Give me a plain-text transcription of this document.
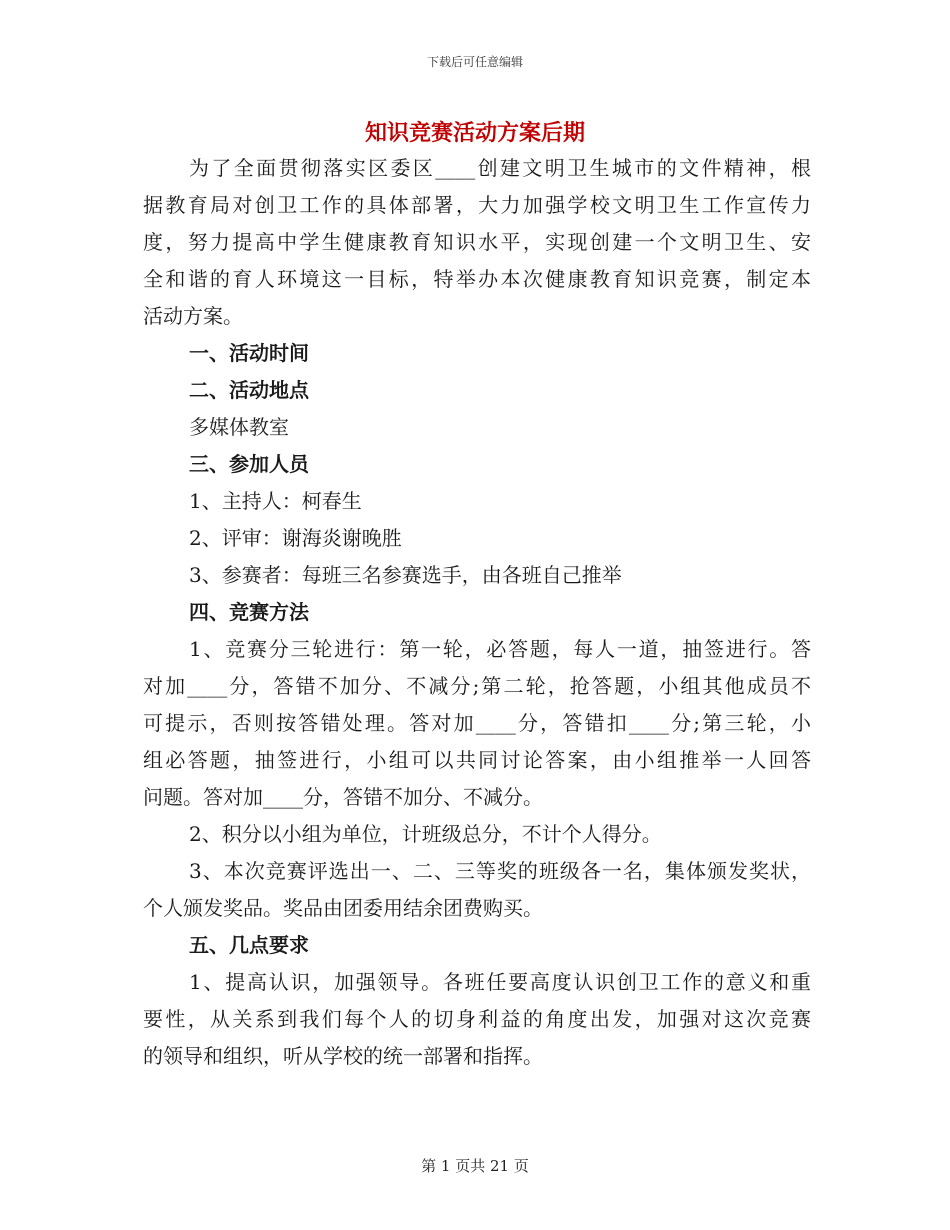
下载后可任意编辑
知识竞赛活动方案后期
为了全面贯彻落实区委区____创建文明卫生城市的文件精神，根
据教育局对创卫工作的具体部署，大力加强学校文明卫生工作宣传力
度，努力提高中学生健康教育知识水平，实现创建一个文明卫生、安
全和谐的育人环境这一目标，特举办本次健康教育知识竞赛，制定本
活动方案。
一、活动时间
二、活动地点
多媒体教室
三、参加人员
1、主持人：柯春生
2、评审：谢海炎谢晚胜
3、参赛者：每班三名参赛选手，由各班自己推举
四、竞赛方法
1、竞赛分三轮进行：第一轮，必答题，每人一道，抽签进行。答
对加____分，答错不加分、不减分;第二轮，抢答题，小组其他成员不
可提示，否则按答错处理。答对加____分，答错扣____分;第三轮，小
组必答题，抽签进行，小组可以共同讨论答案，由小组推举一人回答
问题。答对加____分，答错不加分、不减分。
2、积分以小组为单位，计班级总分，不计个人得分。
3、本次竞赛评选出一、二、三等奖的班级各一名，集体颁发奖状，
个人颁发奖品。奖品由团委用结余团费购买。
五、几点要求
1、提高认识，加强领导。各班任要高度认识创卫工作的意义和重
要性，从关系到我们每个人的切身利益的角度出发，加强对这次竞赛
的领导和组织，听从学校的统一部署和指挥。
第 1 页共 21 页
